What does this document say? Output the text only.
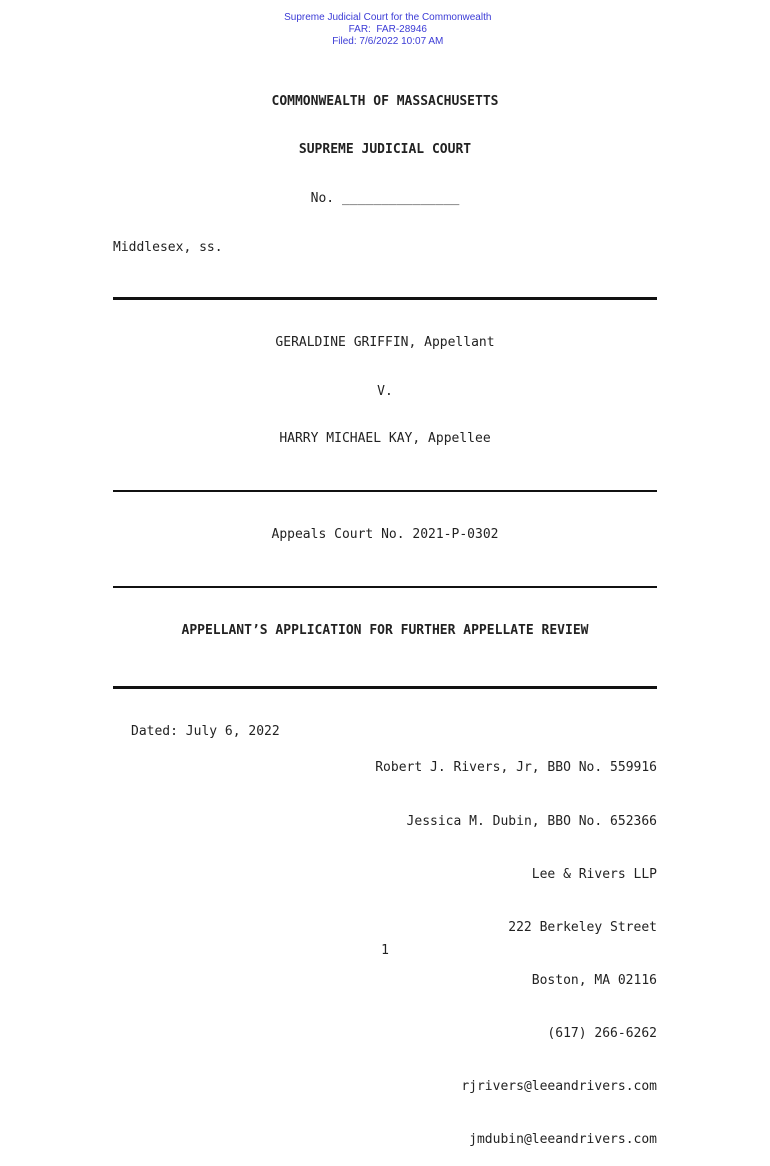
Supreme Judicial Court for the Commonwealth
FAR:  FAR-28946
Filed: 7/6/2022 10:07 AM

COMMONWEALTH OF MASSACHUSETTS
SUPREME JUDICIAL COURT
No. _______________
Middlesex, ss.
GERALDINE GRIFFIN, Appellant
V.
HARRY MICHAEL KAY, Appellee
Appeals Court No. 2021-P-0302
APPELLANT’S APPLICATION FOR FURTHER APPELLATE REVIEW
Dated: July 6, 2022

Robert J. Rivers, Jr, BBO No. 559916

Jessica M. Dubin, BBO No. 652366

Lee & Rivers LLP

222 Berkeley Street

Boston, MA 02116

(617) 266-6262

rjrivers@leeandrivers.com

jmdubin@leeandrivers.com

1
